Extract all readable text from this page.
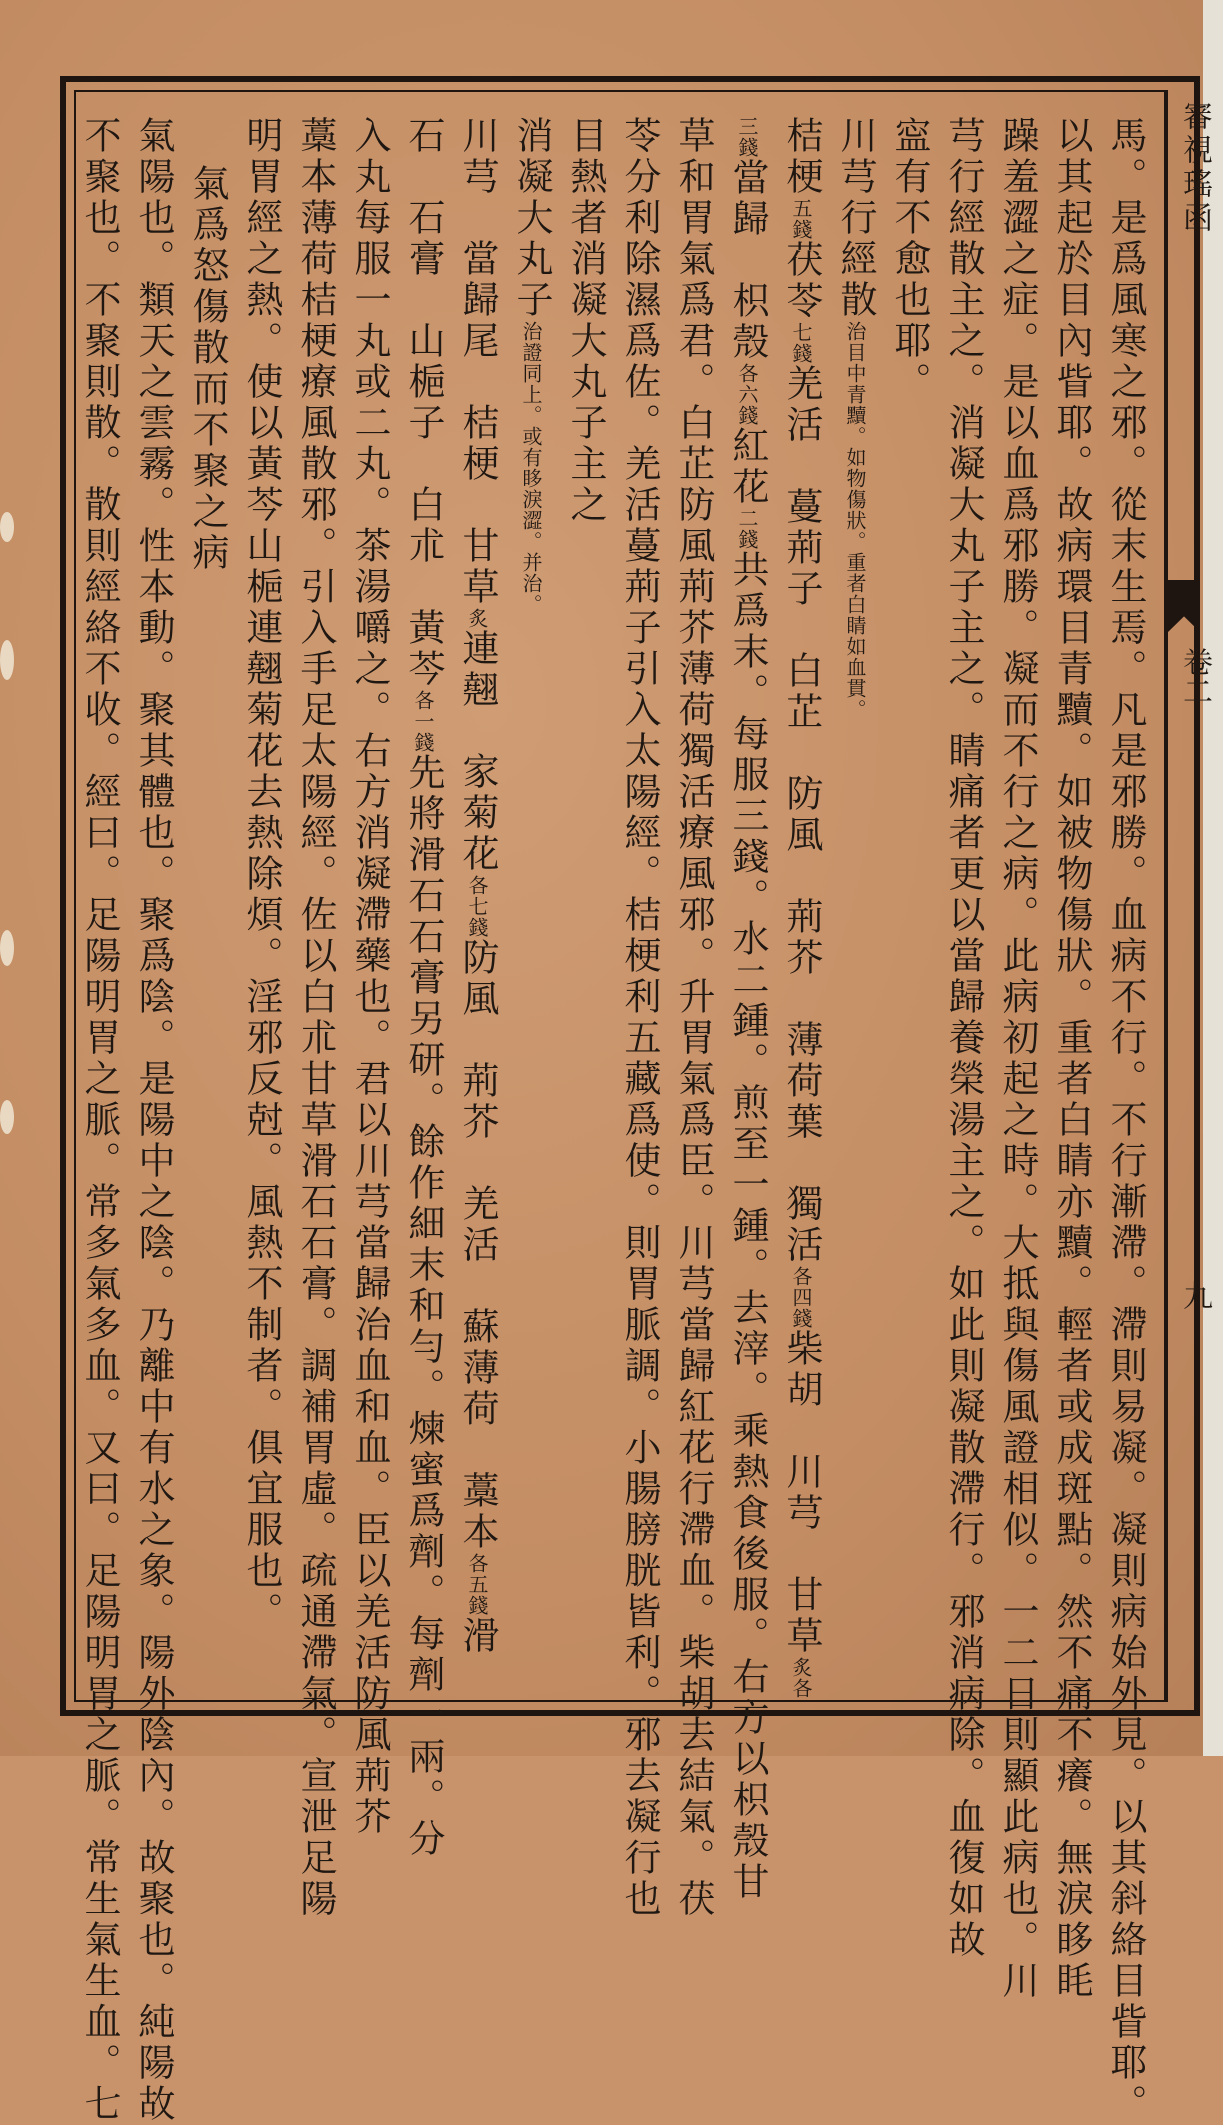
審視瑤函
卷二
九
馬。是爲風寒之邪。從末生焉。凡是邪勝。血病不行。不行漸滯。滯則易凝。凝則病始外見。以其斜絡目眥耶。
以其起於目內眥耶。故病環目青黷。如被物傷狀。重者白睛亦黷。輕者或成斑點。然不痛不癢。無淚眵眊
躁羞澀之症。是以血爲邪勝。凝而不行之病。此病初起之時。大抵與傷風證相似。一二日則顯此病也。川
芎行經散主之。消凝大丸子主之。睛痛者更以當歸養榮湯主之。如此則凝散滯行。邪消病除。血復如故
寍有不愈也耶。
川芎行經散治目中青黷。如物傷狀。重者白睛如血貫。
桔梗五錢茯苓七錢羌活　蔓荊子　白芷　防風　荊芥　薄荷葉　獨活各四錢柴胡　川芎　甘草炙各
三錢當歸　枳殼各六錢紅花二錢共爲末。每服三錢。水二鍾。煎至一鍾。去滓。乘熱食後服。右方以枳殼甘
草和胃氣爲君。白芷防風荊芥薄荷獨活療風邪。升胃氣爲臣。川芎當歸紅花行滯血。柴胡去結氣。茯
苓分利除濕爲佐。羌活蔓荊子引入太陽經。桔梗利五藏爲使。則胃脈調。小腸膀胱皆利。邪去凝行也
目熱者消凝大丸子主之
消凝大丸子治證同上。或有眵淚澀。并治。
川芎　當歸尾　桔梗　甘草炙連翹　家菊花各七錢防風　荊芥　羌活　蘇薄荷　藁本各五錢滑
石　石膏　山梔子　白朮　黃芩各一錢先將滑石石膏另研。餘作細末和勻。煉蜜爲劑。每劑一兩。分
入丸每服一丸或二丸。茶湯嚼之。右方消凝滯藥也。君以川芎當歸治血和血。臣以羌活防風荊芥
藁本薄荷桔梗療風散邪。引入手足太陽經。佐以白朮甘草滑石石膏。調補胃虛。疏通滯氣。宣泄足陽
明胃經之熱。使以黃芩山梔連翹菊花去熱除煩。淫邪反尅。風熱不制者。俱宜服也。
氣爲怒傷散而不聚之病
氣陽也。類天之雲霧。性本動。聚其體也。聚爲陰。是陽中之陰。乃離中有水之象。陽外陰內。故聚也。純陽故
不聚也。不聚則散。散則經絡不收。經曰。足陽明胃之脈。常多氣多血。又曰。足陽明胃之脈。常生氣生血。七
